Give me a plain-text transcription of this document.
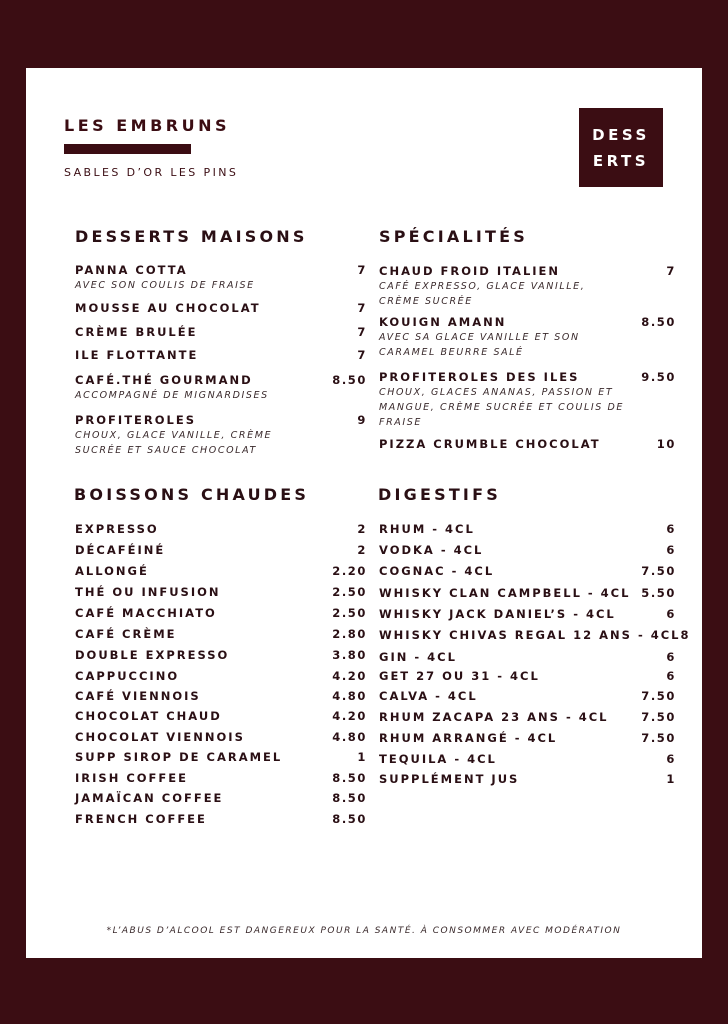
LES EMBRUNS
SABLES D’OR LES PINS
DESS
ERTS
DESSERTS MAISONS	SPÉCIALITÉS
BOISSONS CHAUDES	DIGESTIFS
*L’ABUS D’ALCOOL EST DANGEREUX POUR LA SANTÉ. À CONSOMMER AVEC MODÉRATION
PANNA COTTA	7
AVEC SON COULIS DE FRAISE
MOUSSE AU CHOCOLAT	7
CRÈME BRULÉE	7
ILE FLOTTANTE	7
CAFÉ.THÉ GOURMAND	8.50
ACCOMPAGNÉ DE MIGNARDISES
PROFITEROLES	9
CHOUX, GLACE VANILLE, CRÈME SUCRÉE ET SAUCE CHOCOLAT
CHAUD FROID ITALIEN	7
CAFÉ EXPRESSO, GLACE VANILLE, CRÈME SUCRÉE
KOUIGN AMANN	8.50
AVEC SA GLACE VANILLE ET SON CARAMEL BEURRE SALÉ
PROFITEROLES DES ILES	9.50
CHOUX, GLACES ANANAS, PASSION ET MANGUE, CRÈME SUCRÉE ET COULIS DE FRAISE
PIZZA CRUMBLE CHOCOLAT	10
EXPRESSO	2
DÉCAFÉINÉ	2
ALLONGÉ	2.20
THÉ OU INFUSION	2.50
CAFÉ MACCHIATO	2.50
CAFÉ CRÈME	2.80
DOUBLE EXPRESSO	3.80
CAPPUCCINO	4.20
CAFÉ VIENNOIS	4.80
CHOCOLAT CHAUD	4.20
CHOCOLAT VIENNOIS	4.80
SUPP SIROP DE CARAMEL	1
IRISH COFFEE	8.50
JAMAÏCAN COFFEE	8.50
FRENCH COFFEE	8.50
RHUM - 4CL	6
VODKA - 4CL	6
COGNAC - 4CL	7.50
WHISKY CLAN CAMPBELL - 4CL 5.50
WHISKY JACK DANIEL’S - 4CL	6
WHISKY CHIVAS REGAL 12 ANS - 4CL 8
GIN - 4CL	6
GET 27 OU 31 - 4CL	6
CALVA - 4CL	7.50
RHUM ZACAPA 23 ANS - 4CL	7.50
RHUM ARRANGÉ - 4CL	7.50
TEQUILA - 4CL	6
SUPPLÉMENT JUS	1
